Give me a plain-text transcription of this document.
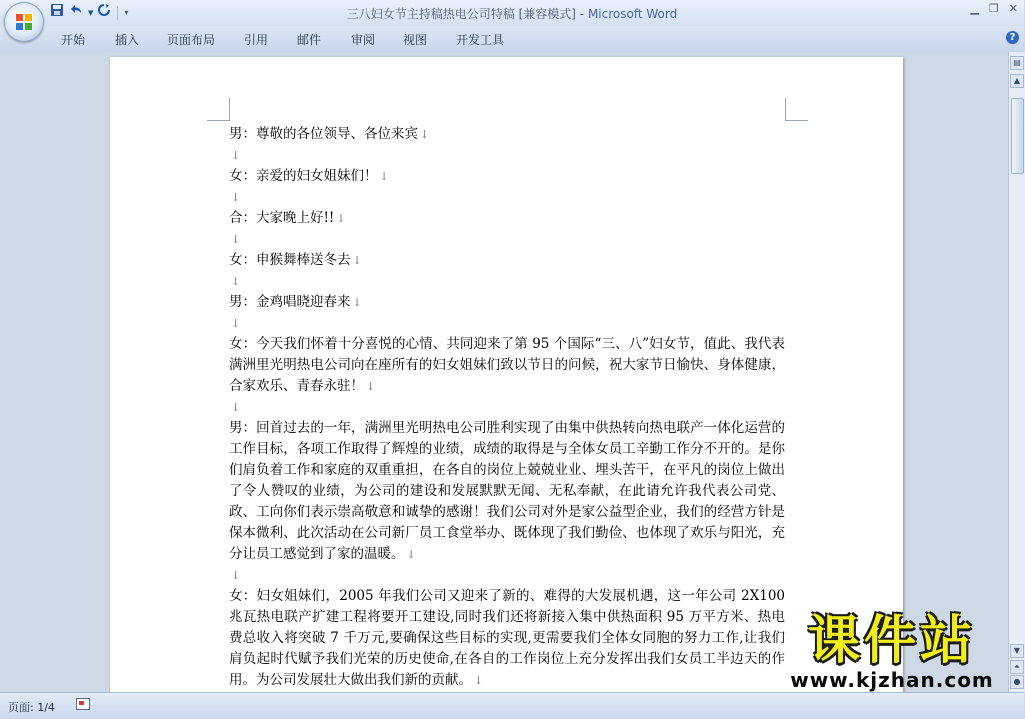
▼	▾	三八妇女节主持稿热电公司特稿 [兼容模式] - Microsoft Word	▁ ❐ ✕
开始 插入 页面布局 引用 邮件 审阅 视图 开发工具	?

男：尊敬的各位领导、各位来宾 ↓

↓

女：亲爱的妇女姐妹们！ ↓

↓

合：大家晚上好!! ↓

↓

女：申猴舞棒送冬去 ↓

↓

男：金鸡唱晓迎春来 ↓

↓

女：今天我们怀着十分喜悦的心情、共同迎来了第 95 个国际“三、八”妇女节，值此、我代表满洲里光明热电公司向在座所有的妇女姐妹们致以节日的问候，祝大家节日愉快、身体健康，合家欢乐、青春永驻！ ↓

↓

男：回首过去的一年，满洲里光明热电公司胜利实现了由集中供热转向热电联产一体化运营的工作目标，各项工作取得了辉煌的业绩，成绩的取得是与全体女员工辛勤工作分不开的。是你们肩负着工作和家庭的双重重担，在各自的岗位上兢兢业业、埋头苦干，在平凡的岗位上做出了令人赞叹的业绩，为公司的建设和发展默默无闻、无私奉献，在此请允许我代表公司党、政、工向你们表示崇高敬意和诚挚的感谢！我们公司对外是家公益型企业，我们的经营方针是保本微利、此次活动在公司新厂员工食堂举办、既体现了我们勤俭、也体现了欢乐与阳光，充分让员工感觉到了家的温暖。 ↓

↓

女：妇女姐妹们，2005 年我们公司又迎来了新的、难得的大发展机遇，这一年公司 2X100 兆瓦热电联产扩建工程将要开工建设,同时我们还将新接入集中供热面积 95 万平方米、热电费总收入将突破 7 千万元,要确保这些目标的实现,更需要我们全体女同胞的努力工作,让我们肩负起时代赋予我们光荣的历史使命,在各自的工作岗位上充分发挥出我们女员工半边天的作用。为公司发展壮大做出我们新的贡献。 ↓

▤
▲
▼
⏶
●
页面: 1/4
课件站
www.kjzhan.com
